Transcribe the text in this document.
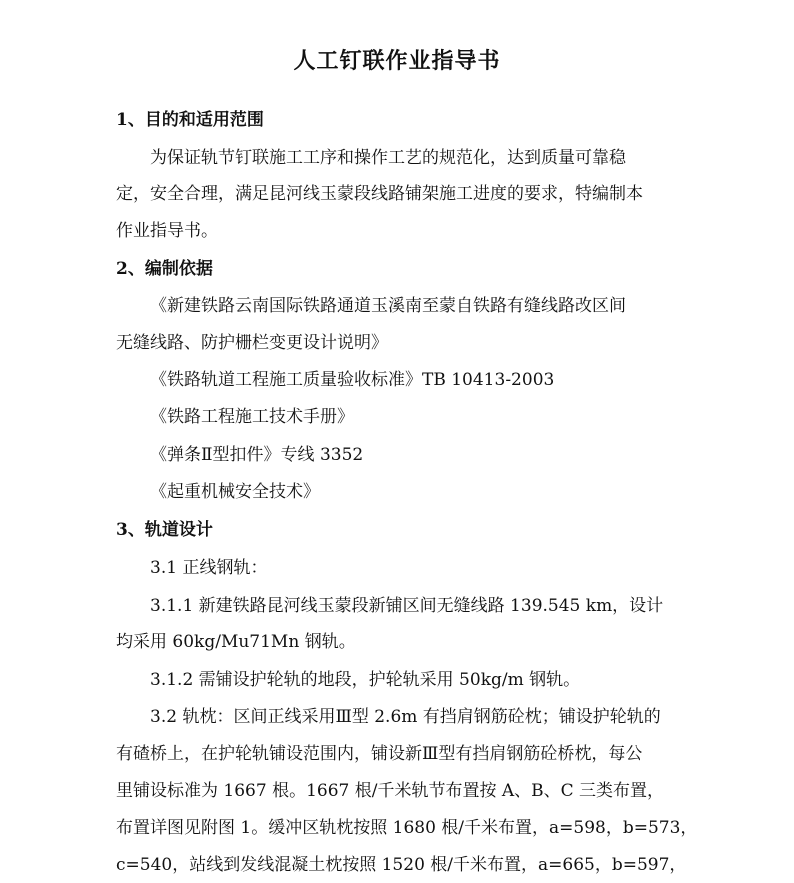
人工钉联作业指导书
1、目的和适用范围
为保证轨节钉联施工工序和操作工艺的规范化，达到质量可靠稳
定，安全合理，满足昆河线玉蒙段线路铺架施工进度的要求，特编制本
作业指导书。
2、编制依据
《新建铁路云南国际铁路通道玉溪南至蒙自铁路有缝线路改区间
无缝线路、防护栅栏变更设计说明》
《铁路轨道工程施工质量验收标准》TB 10413-2003
《铁路工程施工技术手册》
《弹条Ⅱ型扣件》专线 3352
《起重机械安全技术》
3、轨道设计
3.1 正线钢轨：
3.1.1 新建铁路昆河线玉蒙段新铺区间无缝线路 139.545 km，设计
均采用 60kg/Mu71Mn 钢轨。
3.1.2 需铺设护轮轨的地段，护轮轨采用 50kg/m 钢轨。
3.2 轨枕：区间正线采用Ⅲ型 2.6m 有挡肩钢筋砼枕；铺设护轮轨的
有碴桥上，在护轮轨铺设范围内，铺设新Ⅲ型有挡肩钢筋砼桥枕，每公
里铺设标准为 1667 根。1667 根/千米轨节布置按 A、B、C 三类布置，
布置详图见附图 1。缓冲区轨枕按照 1680 根/千米布置，a=598，b=573，
c=540，站线到发线混凝土枕按照 1520 根/千米布置，a=665，b=597，
